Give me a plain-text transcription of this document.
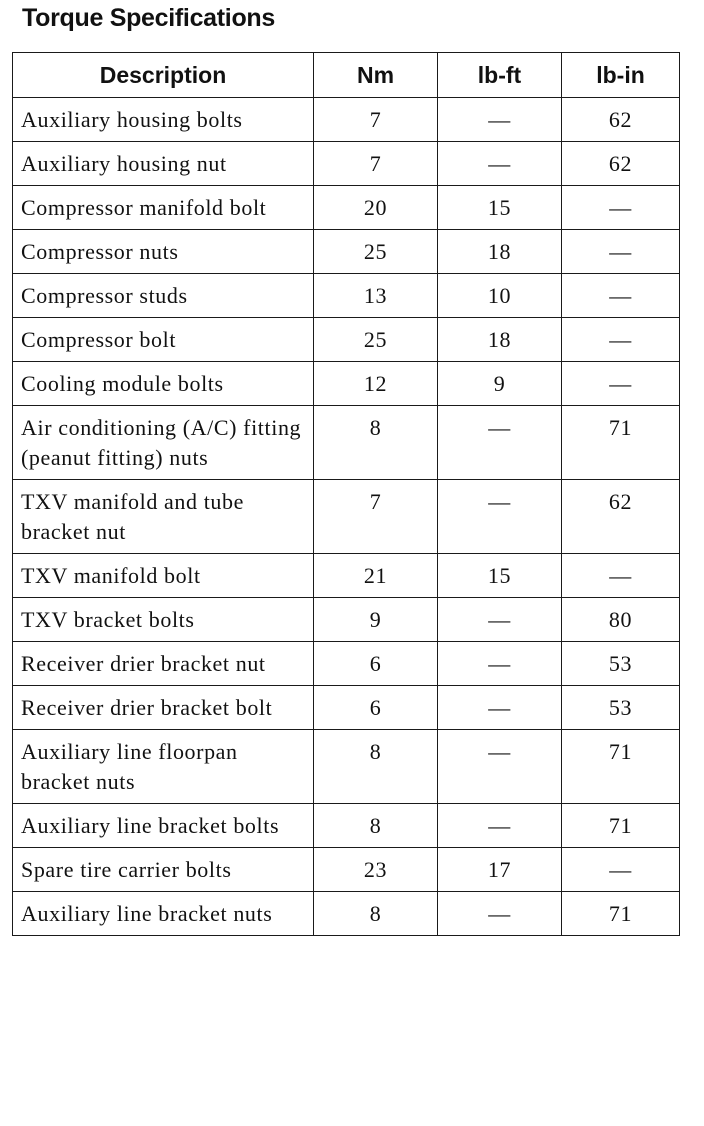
Torque Specifications
Description	Nm	lb-ft	lb-in
Auxiliary housing bolts	7	—	62
Auxiliary housing nut	7	—	62
Compressor manifold bolt	20	15	—
Compressor nuts	25	18	—
Compressor studs	13	10	—
Compressor bolt	25	18	—
Cooling module bolts	12	9	—
Air conditioning (A/C) fitting (peanut fitting) nuts	8	—	71
TXV manifold and tube bracket nut	7	—	62
TXV manifold bolt	21	15	—
TXV bracket bolts	9	—	80
Receiver drier bracket nut	6	—	53
Receiver drier bracket bolt	6	—	53
Auxiliary line floorpan bracket nuts	8	—	71
Auxiliary line bracket bolts	8	—	71
Spare tire carrier bolts	23	17	—
Auxiliary line bracket nuts	8	—	71
